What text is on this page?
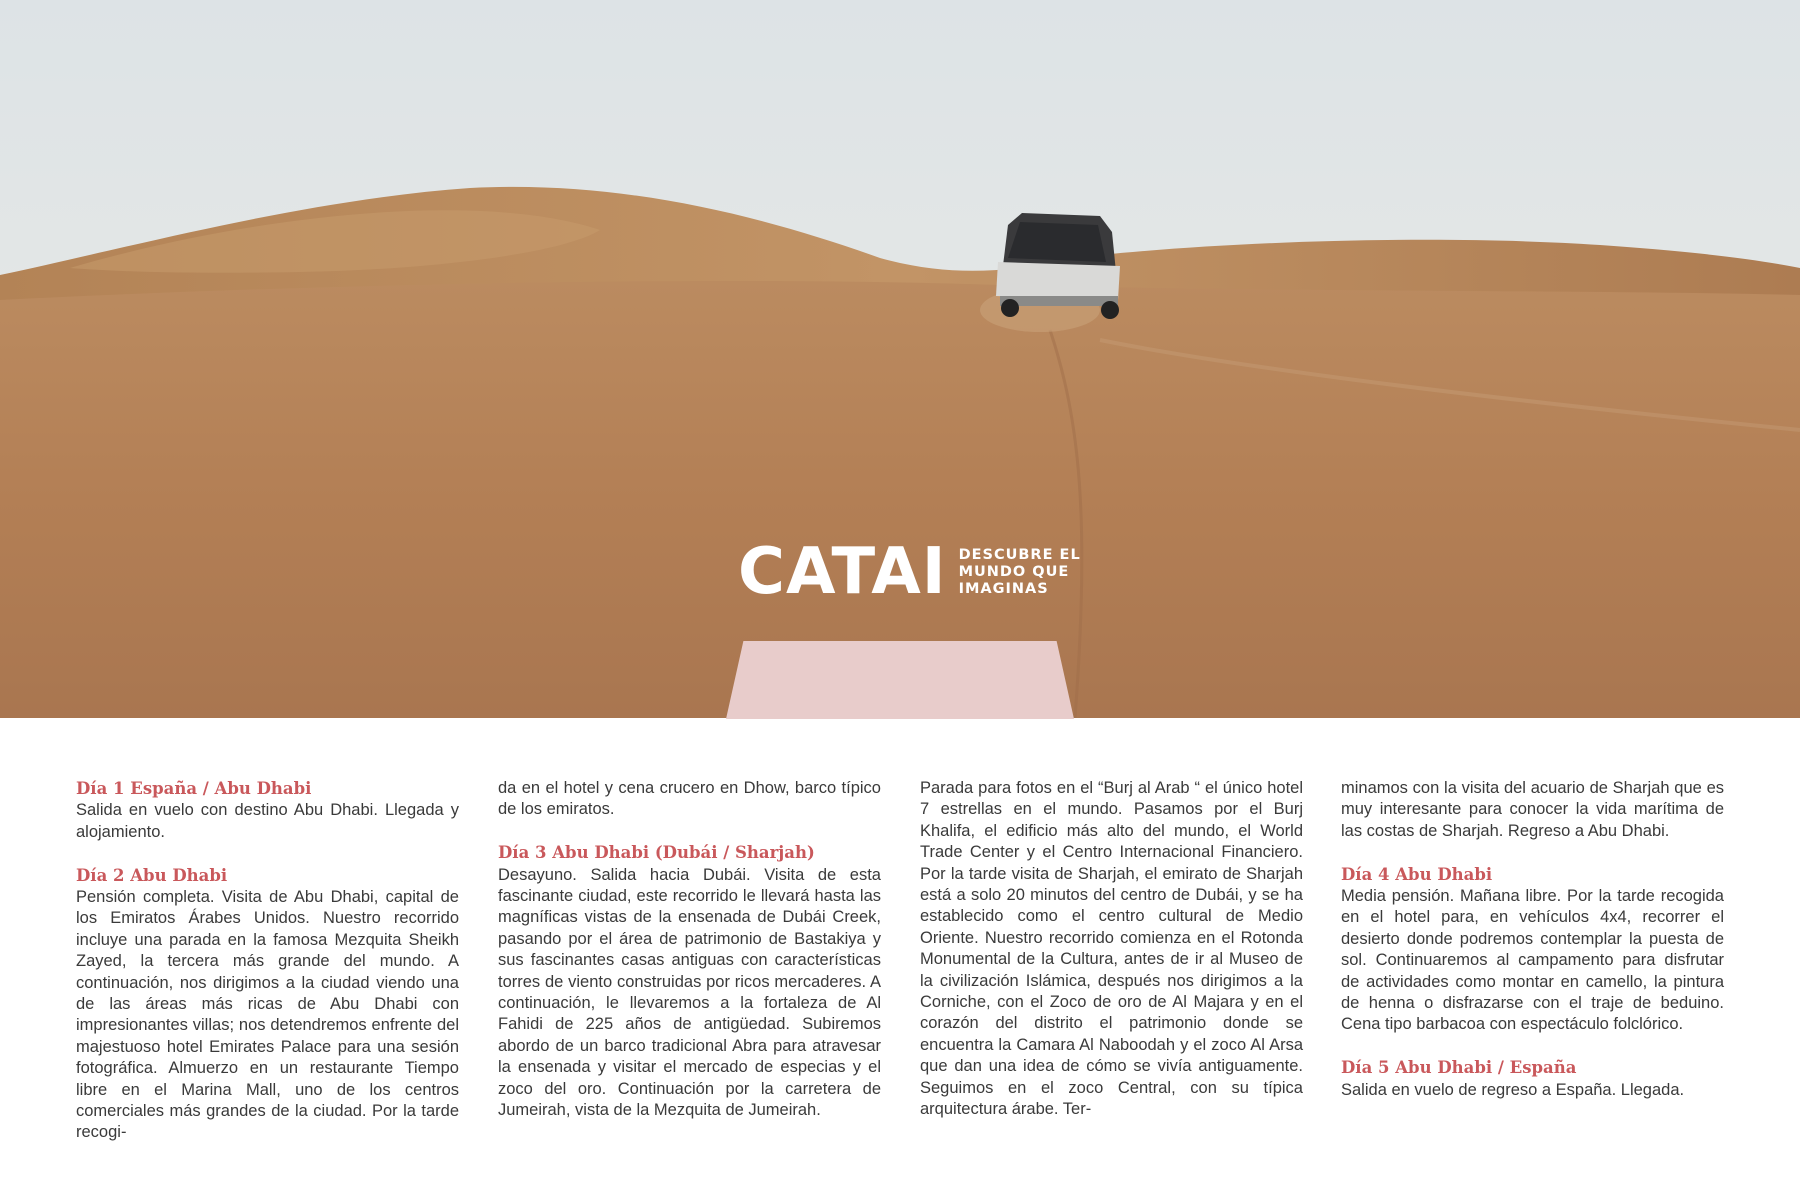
CATAI DESCUBRE EL
MUNDO QUE
IMAGINAS

Día 1 España / Abu Dhabi
Salida en vuelo con destino Abu Dhabi. Llegada y alojamiento.

Día 2 Abu Dhabi
Pensión completa. Visita de Abu Dhabi, capital de los Emiratos Árabes Unidos. Nuestro recorrido incluye una parada en la famosa Mezquita Sheikh Zayed, la tercera más grande del mundo. A continuación, nos dirigimos a la ciudad viendo una de las áreas más ricas de Abu Dhabi con impresionantes villas; nos detendremos enfrente del majestuoso hotel Emirates Palace para una sesión fotográfica. Almuerzo en un restaurante Tiempo libre en el Marina Mall, uno de los centros comerciales más grandes de la ciudad. Por la tarde recogi-

da en el hotel y cena crucero en Dhow, barco típico de los emiratos.

Día 3 Abu Dhabi (Dubái / Sharjah)
Desayuno. Salida hacia Dubái. Visita de esta fascinante ciudad, este recorrido le llevará hasta las magníficas vistas de la ensenada de Dubái Creek, pasando por el área de patrimonio de Bastakiya y sus fascinantes casas antiguas con características torres de viento construidas por ricos mercaderes. A continuación, le llevaremos a la fortaleza de Al Fahidi de 225 años de antigüedad. Subiremos abordo de un barco tradicional Abra para atravesar la ensenada y visitar el mercado de especias y el zoco del oro. Continuación por la carretera de Jumeirah, vista de la Mezquita de Jumeirah.

Parada para fotos en el “Burj al Arab “ el único hotel 7 estrellas en el mundo. Pasamos por el Burj Khalifa, el edificio más alto del mundo, el World Trade Center y el Centro Internacional Financiero. Por la tarde visita de Sharjah, el emirato de Sharjah está a solo 20 minutos del centro de Dubái, y se ha establecido como el centro cultural de Medio Oriente. Nuestro recorrido comienza en el Rotonda Monumental de la Cultura, antes de ir al Museo de la civilización Islámica, después nos dirigimos a la Corniche, con el Zoco de oro de Al Majara y en el corazón del distrito el patrimonio donde se encuentra la Camara Al Naboodah y el zoco Al Arsa que dan una idea de cómo se vivía antiguamente. Seguimos en el zoco Central, con su típica arquitectura árabe. Ter-

minamos con la visita del acuario de Sharjah que es muy interesante para conocer la vida marítima de las costas de Sharjah. Regreso a Abu Dhabi.

Día 4 Abu Dhabi
Media pensión. Mañana libre. Por la tarde recogida en el hotel para, en vehículos 4x4, recorrer el desierto donde podremos contemplar la puesta de sol. Continuaremos al campamento para disfrutar de actividades como montar en camello, la pintura de henna o disfrazarse con el traje de beduino. Cena tipo barbacoa con espectáculo folclórico.

Día 5 Abu Dhabi / España
Salida en vuelo de regreso a España. Llegada.
